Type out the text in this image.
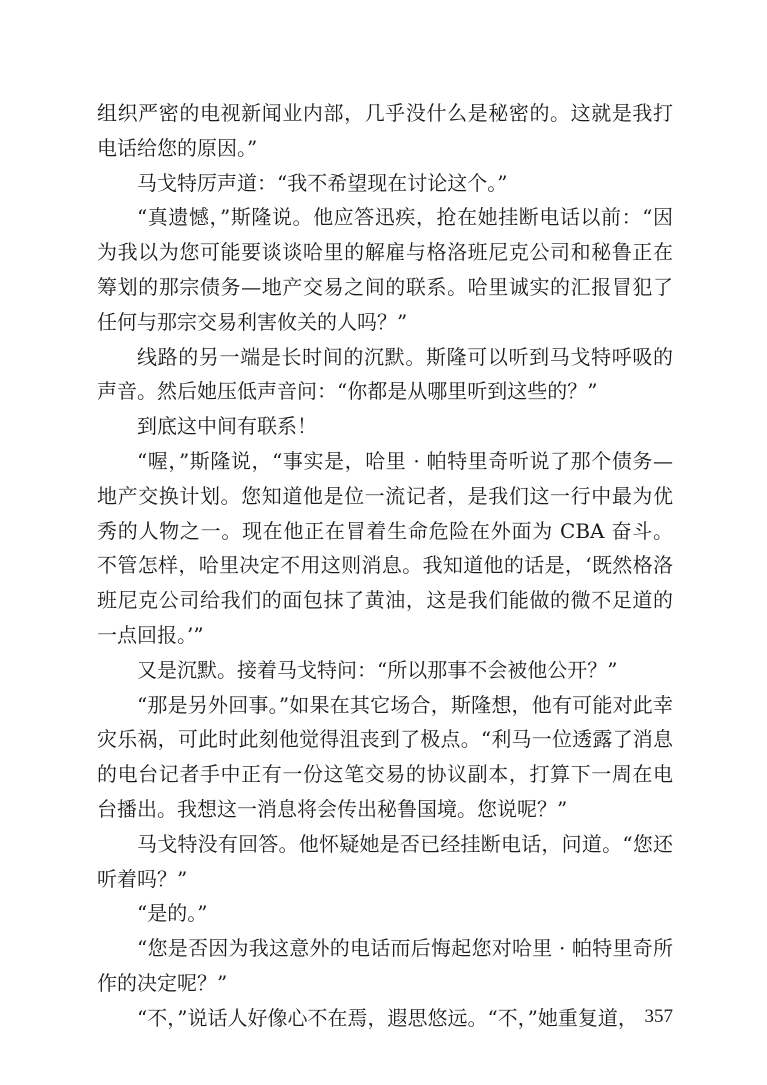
组织严密的电视新闻业内部，几乎没什么是秘密的。这就是我打电话给您的原因。”

马戈特厉声道：“我不希望现在讨论这个。”

“真遗憾，”斯隆说。他应答迅疾，抢在她挂断电话以前：“因为我以为您可能要谈谈哈里的解雇与格洛班尼克公司和秘鲁正在筹划的那宗债务—地产交易之间的联系。哈里诚实的汇报冒犯了任何与那宗交易利害攸关的人吗？”

线路的另一端是长时间的沉默。斯隆可以听到马戈特呼吸的声音。然后她压低声音问：“你都是从哪里听到这些的？”

到底这中间有联系！

“喔，”斯隆说，“事实是，哈里 · 帕特里奇听说了那个债务—地产交换计划。您知道他是位一流记者，是我们这一行中最为优秀的人物之一。现在他正在冒着生命危险在外面为 CBA 奋斗。不管怎样，哈里决定不用这则消息。我知道他的话是，‘既然格洛班尼克公司给我们的面包抹了黄油，这是我们能做的微不足道的一点回报。’”

又是沉默。接着马戈特问：“所以那事不会被他公开？”

“那是另外回事。”如果在其它场合，斯隆想，他有可能对此幸灾乐祸，可此时此刻他觉得沮丧到了极点。“利马一位透露了消息的电台记者手中正有一份这笔交易的协议副本，打算下一周在电台播出。我想这一消息将会传出秘鲁国境。您说呢？”

马戈特没有回答。他怀疑她是否已经挂断电话，问道。“您还听着吗？”

“是的。”

“您是否因为我这意外的电话而后悔起您对哈里 · 帕特里奇所作的决定呢？”

“不，”说话人好像心不在焉，遐思悠远。“不，”她重复道， 357
